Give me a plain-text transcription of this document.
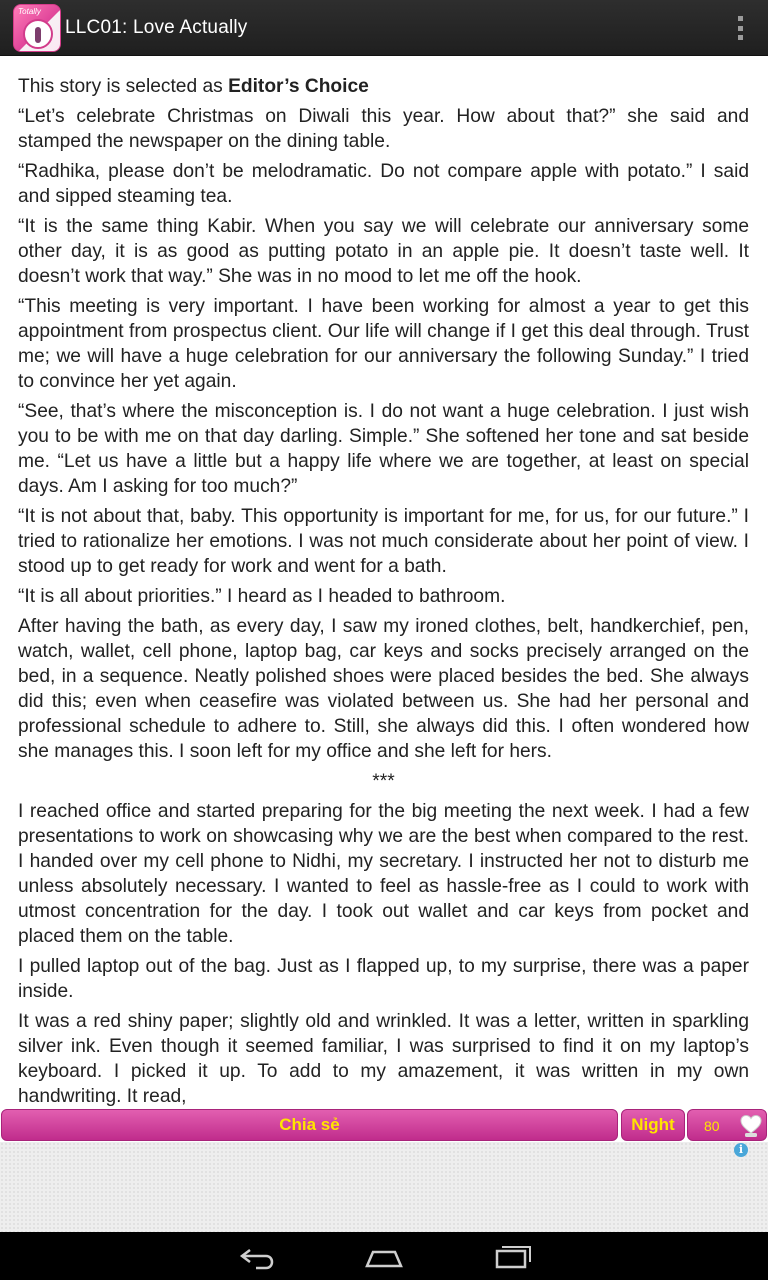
Totally
LLC01: Love Actually
This story is selected as Editor’s Choice

“Let’s celebrate Christmas on Diwali this year. How about that?” she said and stamped the newspaper on the dining table.

“Radhika, please don’t be melodramatic. Do not compare apple with potato.” I said and sipped steaming tea.

“It is the same thing Kabir. When you say we will celebrate our anniversary some other day, it is as good as putting potato in an apple pie. It doesn’t taste well. It doesn’t work that way.” She was in no mood to let me off the hook.

“This meeting is very important. I have been working for almost a year to get this appointment from prospectus client. Our life will change if I get this deal through. Trust me; we will have a huge celebration for our anniversary the following Sunday.” I tried to convince her yet again.

“See, that’s where the misconception is. I do not want a huge celebration. I just wish you to be with me on that day darling. Simple.” She softened her tone and sat beside me. “Let us have a little but a happy life where we are together, at least on special days. Am I asking for too much?”

“It is not about that, baby. This opportunity is important for me, for us, for our future.” I tried to rationalize her emotions. I was not much considerate about her point of view. I stood up to get ready for work and went for a bath.

“It is all about priorities.” I heard as I headed to bathroom.

After having the bath, as every day, I saw my ironed clothes, belt, handkerchief, pen, watch, wallet, cell phone, laptop bag, car keys and socks precisely arranged on the bed, in a sequence. Neatly polished shoes were placed besides the bed. She always did this; even when ceasefire was violated between us. She had her personal and professional schedule to adhere to. Still, she always did this. I often wondered how she manages this. I soon left for my office and she left for hers.

***

I reached office and started preparing for the big meeting the next week. I had a few presentations to work on showcasing why we are the best when compared to the rest. I handed over my cell phone to Nidhi, my secretary. I instructed her not to disturb me unless absolutely necessary. I wanted to feel as hassle-free as I could to work with utmost concentration for the day. I took out wallet and car keys from pocket and placed them on the table.

I pulled laptop out of the bag. Just as I flapped up, to my surprise, there was a paper inside.

It was a red shiny paper; slightly old and wrinkled. It was a letter, written in sparkling silver ink. Even though it seemed familiar, I was surprised to find it on my laptop’s keyboard. I picked it up. To add to my amazement, it was written in my own handwriting. It read,

Chia sẻ	Night	80
i
